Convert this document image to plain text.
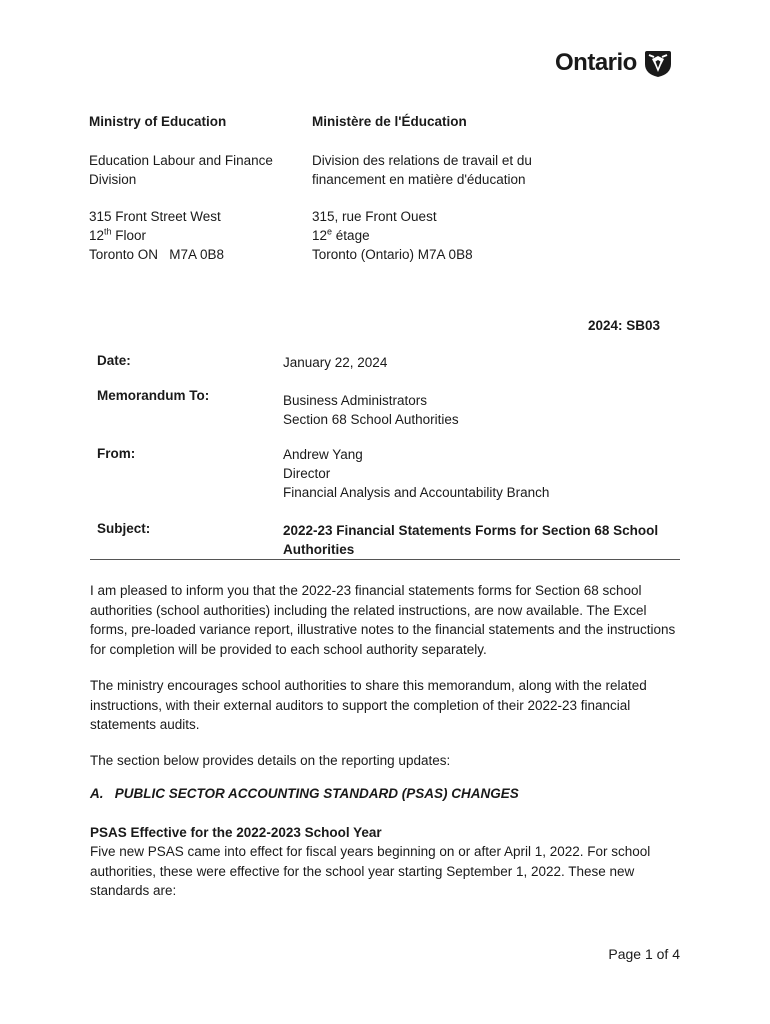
Ontario
Ministry of Education
Education Labour and Finance
Division
315 Front Street West
12th Floor
Toronto ON   M7A 0B8
Ministère de l'Éducation
Division des relations de travail et du
financement en matière d'éducation
315, rue Front Ouest
12e étage
Toronto (Ontario) M7A 0B8
2024: SB03
Date:	January 22, 2024
Memorandum To:	Business Administrators
Section 68 School Authorities
From:	Andrew Yang
Director
Financial Analysis and Accountability Branch
Subject:	2022-23 Financial Statements Forms for Section 68 School
Authorities
I am pleased to inform you that the 2022-23 financial statements forms for Section 68 school authorities (school authorities) including the related instructions, are now available. The Excel forms, pre-loaded variance report, illustrative notes to the financial statements and the instructions for completion will be provided to each school authority separately.
The ministry encourages school authorities to share this memorandum, along with the related instructions, with their external auditors to support the completion of their 2022-23 financial statements audits.
The section below provides details on the reporting updates:
A.   PUBLIC SECTOR ACCOUNTING STANDARD (PSAS) CHANGES
PSAS Effective for the 2022-2023 School Year
Five new PSAS came into effect for fiscal years beginning on or after April 1, 2022. For school authorities, these were effective for the school year starting September 1, 2022. These new standards are:
Page 1 of 4
